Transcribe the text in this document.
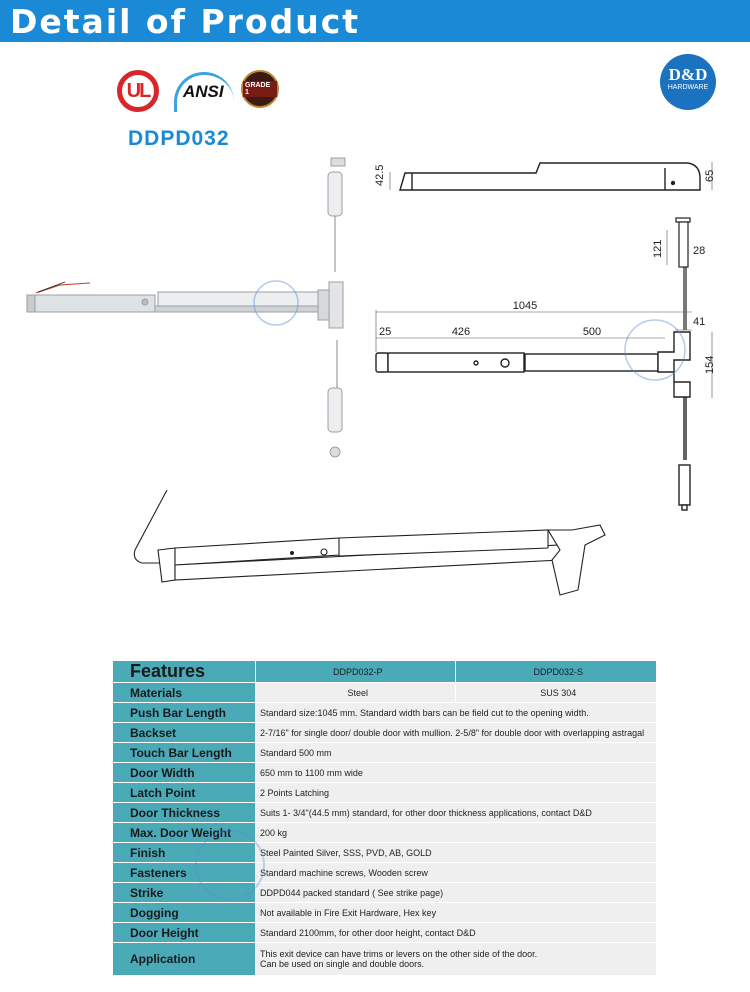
Detail of Product
UL ANSI	GRADE 1
D&D
HARDWARE
DDPD032
42.5	65
121	28
1045
25	426	500
41
154
Features	DDPD032-P	DDPD032-S
Materials	Steel	SUS 304
Push Bar Length	Standard size:1045 mm. Standard width bars can be field cut to the opening width.	
Backset	2-7/16" for single door/ double door with mullion. 2-5/8" for double door with overlapping astragal	
Touch Bar Length	Standard 500 mm	
Door Width	650 mm to 1100 mm wide	
Latch Point	2 Points Latching	
Door Thickness	Suits 1- 3/4"(44.5 mm) standard, for other door thickness applications, contact D&D	
Max. Door Weight	200 kg	
Finish	Steel Painted Silver, SSS, PVD, AB, GOLD	
Fasteners	Standard machine screws, Wooden screw	
Strike	DDPD044 packed standard ( See strike page)	
Dogging	Not available in Fire Exit Hardware, Hex key	
Door Height	Standard 2100mm, for other door height, contact D&D	
Application	This exit device can have trims or levers on the other side of the door.
Can be used on single and double doors.	
